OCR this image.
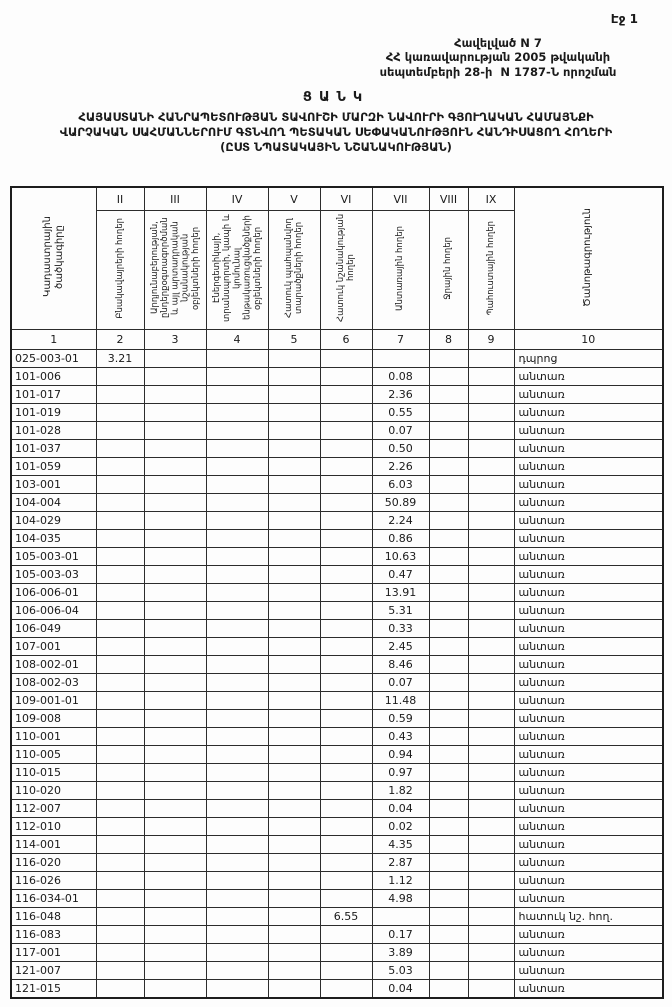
Էջ 1
Հավելված N 7
ՀՀ կառավարության 2005 թվականի
սեպտեմբերի 28-ի  N 1787-Ն որոշման
ՑԱՆԿ
ՀԱՅԱՍՏԱՆԻ ՀԱՆՐԱՊԵՏՈՒԹՅԱՆ ՏԱՎՈՒՇԻ ՄԱՐԶԻ ՆԱՎՈՒՐԻ ԳՅՈՒՂԱԿԱՆ ՀԱՄԱՅՆՔԻ
ՎԱՐՉԱԿԱՆ ՍԱՀՄԱՆՆԵՐՈՒՄ ԳՏՆՎՈՂ ՊԵՏԱԿԱՆ ՍԵՓԱԿԱՆՈՒԹՅՈՒՆ ՀԱՆԴԻՍԱՑՈՂ ՀՈՂԵՐԻ
(ԸՍՏ ՆՊԱՏԱԿԱՅԻՆ ՆՇԱՆԱԿՈՒԹՅԱՆ)
Կադաստրային ծածկագիրը	II	III	IV	V	VI	VII	VIII	IX	Ծանոթագրություն
	Բնակավայրերի հողեր	Արդյունաբերության, ընդերքօգտագործման և այլ արտադրական նշանակության օբյեկտների հողեր	Էներգետիկայի, տրանսպորտի, կապի և կոմունալ ենթակառուցվածքների օբյեկտների հողեր	Հատուկ պահպանվող տարածքների հողեր	Հատուկ նշանակության հողեր	Անտառային հողեր	Ջրային հողեր	Պահուստային հողեր	
1	2	3	4	5	6	7	8	9	10
025-003-01	3.21								դպրոց
101-006						0.08			անտառ
101-017						2.36			անտառ
101-019						0.55			անտառ
101-028						0.07			անտառ
101-037						0.50			անտառ
101-059						2.26			անտառ
103-001						6.03			անտառ
104-004						50.89			անտառ
104-029						2.24			անտառ
104-035						0.86			անտառ
105-003-01						10.63			անտառ
105-003-03						0.47			անտառ
106-006-01						13.91			անտառ
106-006-04						5.31			անտառ
106-049						0.33			անտառ
107-001						2.45			անտառ
108-002-01						8.46			անտառ
108-002-03						0.07			անտառ
109-001-01						11.48			անտառ
109-008						0.59			անտառ
110-001						0.43			անտառ
110-005						0.94			անտառ
110-015						0.97			անտառ
110-020						1.82			անտառ
112-007						0.04			անտառ
112-010						0.02			անտառ
114-001						4.35			անտառ
116-020						2.87			անտառ
116-026						1.12			անտառ
116-034-01						4.98			անտառ
116-048					6.55				հատուկ նշ. հող.
116-083						0.17			անտառ
117-001						3.89			անտառ
121-007						5.03			անտառ
121-015						0.04			անտառ
